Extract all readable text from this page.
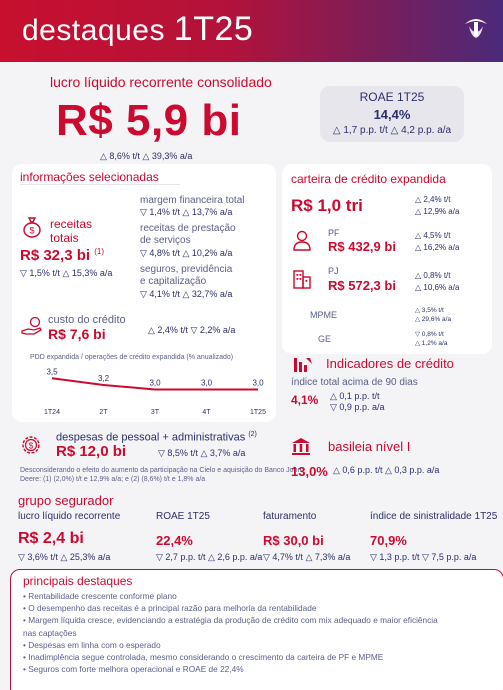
destaques 1T25
lucro líquido recorrente consolidado
R$ 5,9 bi
△ 8,6% t/t △ 39,3% a/a
ROAE 1T25
14,4%
△ 1,7 p.p. t/t △ 4,2 p.p. a/a
informações selecionadas
$ receitas
totais
R$ 32,3 bi $^{(1)}$
▽ 1,5% t/t △ 15,3% a/a
margem financeira total
▽ 1,4% t/t △ 13,7% a/a
receitas de prestação
de serviços
▽ 4,8% t/t △ 10,2% a/a
seguros, previdência
e capitalização
▽ 4,1% t/t △ 32,7% a/a
custo do crédito
R$ 7,6 bi	△ 2,4% t/t ▽ 2,2% a/a
PDD expandida / operações de crédito expandida (% anualizado)
3,5
1T24
3,2
2T
3,0
3T
3,0
4T
3,0
1T25
$
despesas de pessoal + administrativas $^{(2)}$
R$ 12,0 bi	▽ 8,5% t/t △ 3,7% a/a
Desconsiderando o efeito do aumento da participação na Cielo e aquisição do Banco John
Deere: (1) (2,0%) t/t e 12,9% a/a; e (2) (8,6%) t/t e 1,8% a/a
carteira de crédito expandida
R$ 1,0 tri	△ 2,4% t/t
△ 12,9% a/a
PF
R$ 432,9 bi
△ 4,5% t/t
△ 16,2% a/a
PJ
R$ 572,3 bi
△ 0,8% t/t
△ 10,6% a/a
MPME	△ 3,5% t/t
△ 29,6% a/a
GE	▽ 0,8% t/t
△ 1,2% a/a
Indicadores de crédito
índice total acima de 90 dias
4,1% △ 0,1 p.p. t/t
▽ 0,9 p.p. a/a
basileia nível I
13,0% △ 0,6 p.p. t/t △ 0,3 p.p. a/a
grupo segurador
lucro líquido recorrente
R$ 2,4 bi
▽ 3,6% t/t △ 25,3% a/a
ROAE 1T25
22,4%
▽ 2,7 p.p. t/t △ 2,6 p.p. a/a
faturamento
R$ 30,0 bi
▽ 4,7% t/t △ 7,3% a/a
índice de sinistralidade 1T25
70,9%
▽ 1,3 p.p. t/t ▽ 7,5 p.p. a/a
principais destaques
• Rentabilidade crescente conforme plano
• O desempenho das receitas é a principal razão para melhoria da rentabilidade
• Margem líquida cresce, evidenciando a estratégia da produção de crédito com mix adequado e maior eficiência
nas captações
• Despesas em linha com o esperado
• Inadimplência segue controlada, mesmo considerando o crescimento da carteira de PF e MPME
• Seguros com forte melhora operacional e ROAE de 22,4%
